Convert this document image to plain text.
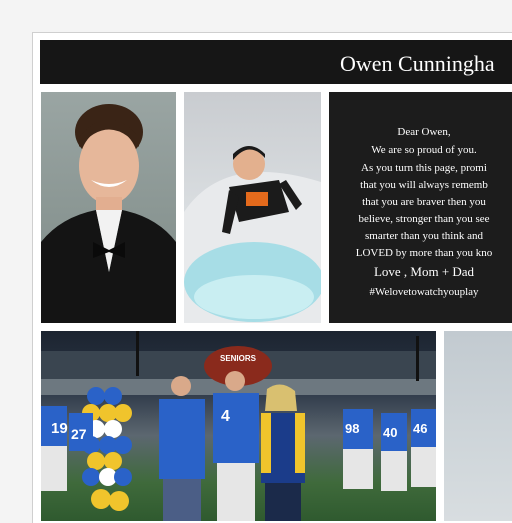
Owen Cunningha
Dear Owen,
We are so proud of you.
As you turn this page, promi
that you will always rememb
that you are braver then you
believe, stronger than you see
smarter than you think and
LOVED by more than you kno
Love , Mom + Dad
#Welovetowatchyouplay
SENIORS
19 27
4
98 40 46
